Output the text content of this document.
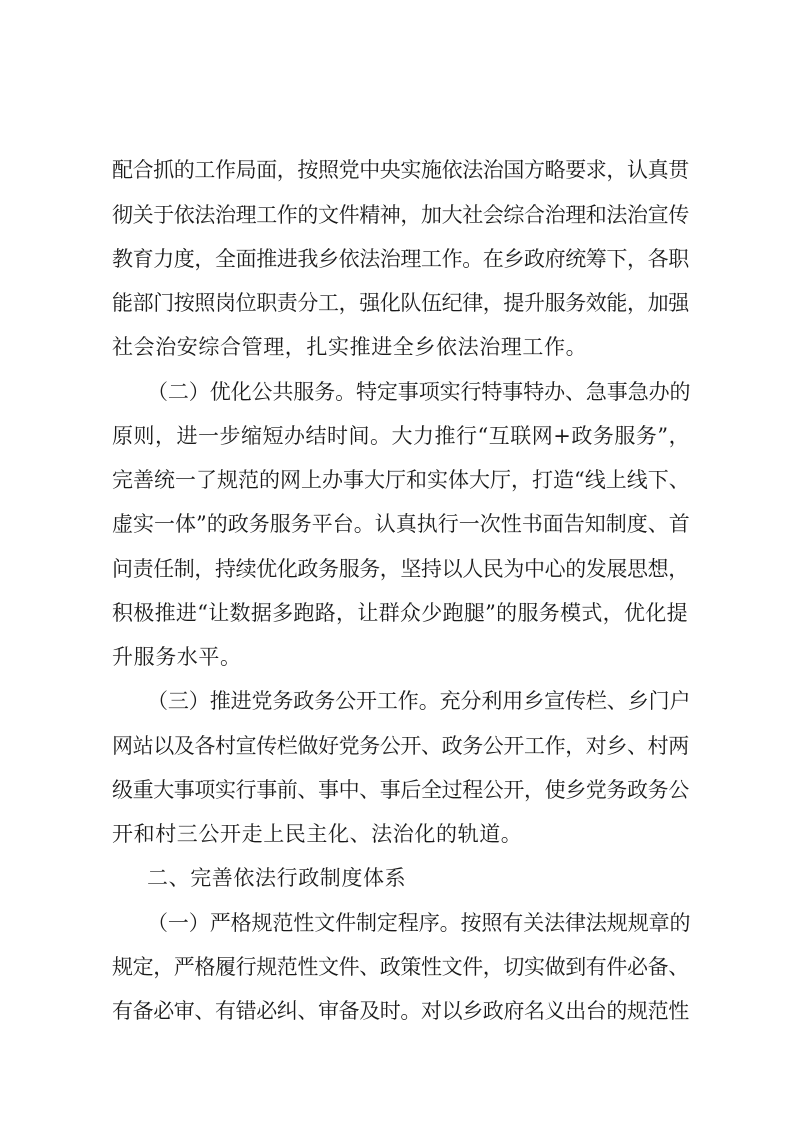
配合抓的工作局面，按照党中央实施依法治国方略要求，认真贯

彻关于依法治理工作的文件精神，加大社会综合治理和法治宣传

教育力度，全面推进我乡依法治理工作。在乡政府统筹下，各职

能部门按照岗位职责分工，强化队伍纪律，提升服务效能，加强

社会治安综合管理，扎实推进全乡依法治理工作。

（二）优化公共服务。特定事项实行特事特办、急事急办的

原则，进一步缩短办结时间。大力推行“互联网+政务服务”，

完善统一了规范的网上办事大厅和实体大厅，打造“线上线下、

虚实一体”的政务服务平台。认真执行一次性书面告知制度、首

问责任制，持续优化政务服务，坚持以人民为中心的发展思想，

积极推进“让数据多跑路，让群众少跑腿”的服务模式，优化提

升服务水平。

（三）推进党务政务公开工作。充分利用乡宣传栏、乡门户

网站以及各村宣传栏做好党务公开、政务公开工作，对乡、村两

级重大事项实行事前、事中、事后全过程公开，使乡党务政务公

开和村三公开走上民主化、法治化的轨道。

二、完善依法行政制度体系

（一）严格规范性文件制定程序。按照有关法律法规规章的

规定，严格履行规范性文件、政策性文件，切实做到有件必备、

有备必审、有错必纠、审备及时。对以乡政府名义出台的规范性
